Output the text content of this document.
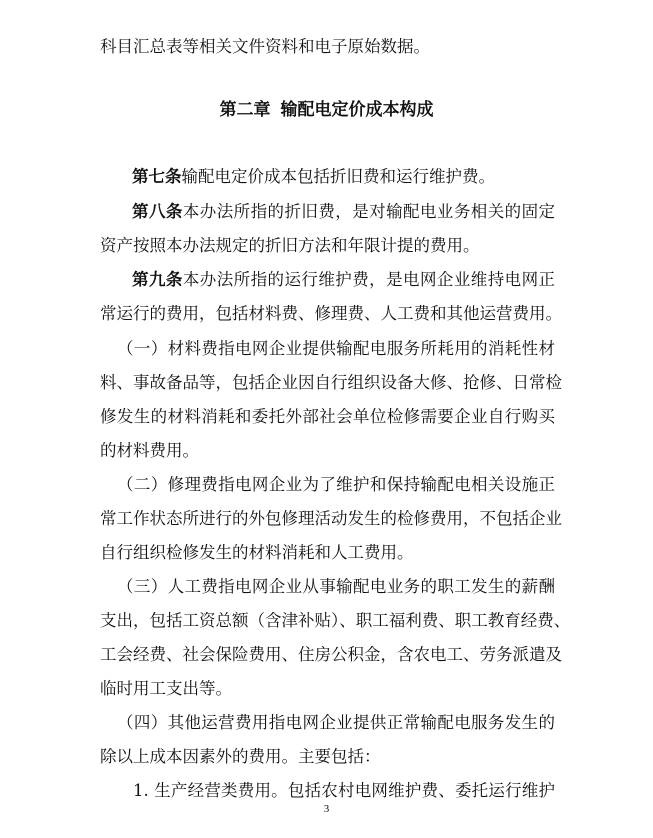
科目汇总表等相关文件资料和电子原始数据。
第二章 输配电定价成本构成
第七条输配电定价成本包括折旧费和运行维护费。
第八条本办法所指的折旧费，是对输配电业务相关的固定
资产按照本办法规定的折旧方法和年限计提的费用。
第九条本办法所指的运行维护费，是电网企业维持电网正
常运行的费用，包括材料费、修理费、人工费和其他运营费用。
（一）材料费指电网企业提供输配电服务所耗用的消耗性材
料、事故备品等，包括企业因自行组织设备大修、抢修、日常检
修发生的材料消耗和委托外部社会单位检修需要企业自行购买
的材料费用。
（二）修理费指电网企业为了维护和保持输配电相关设施正
常工作状态所进行的外包修理活动发生的检修费用，不包括企业
自行组织检修发生的材料消耗和人工费用。
（三）人工费指电网企业从事输配电业务的职工发生的薪酬
支出，包括工资总额（含津补贴）、职工福利费、职工教育经费、
工会经费、社会保险费用、住房公积金，含农电工、劳务派遣及
临时用工支出等。
（四）其他运营费用指电网企业提供正常输配电服务发生的
除以上成本因素外的费用。主要包括：
1. 生产经营类费用。包括农村电网维护费、委托运行维护
3
